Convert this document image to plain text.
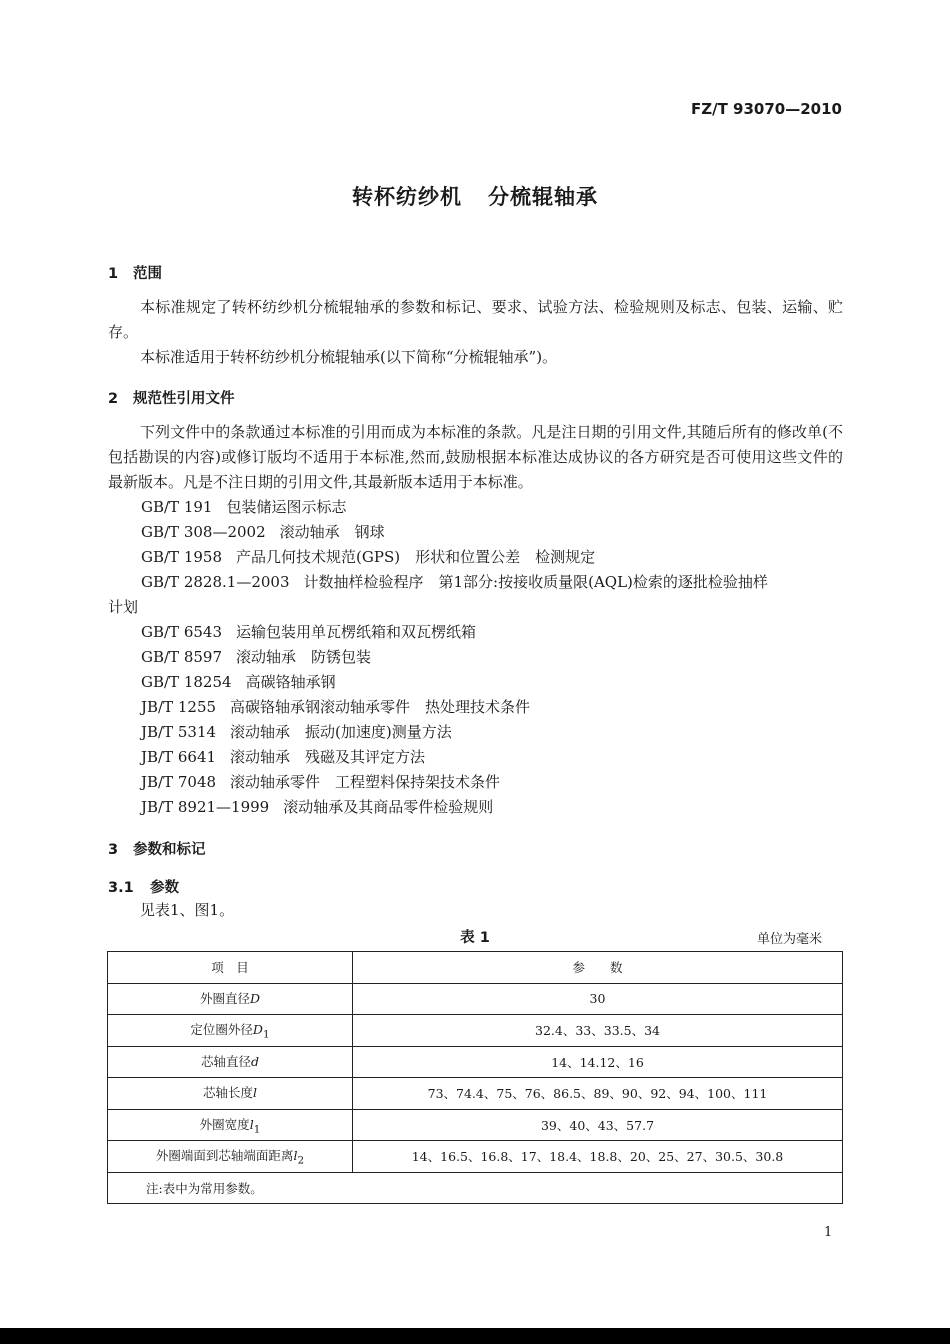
FZ/T 93070—2010
转杯纺纱机 分梳辊轴承
1 范围
本标准规定了转杯纺纱机分梳辊轴承的参数和标记、要求、试验方法、检验规则及标志、包装、运输、贮存。
本标准适用于转杯纺纱机分梳辊轴承(以下简称“分梳辊轴承”)。
2 规范性引用文件
下列文件中的条款通过本标准的引用而成为本标准的条款。凡是注日期的引用文件,其随后所有的修改单(不包括勘误的内容)或修订版均不适用于本标准,然而,鼓励根据本标准达成协议的各方研究是否可使用这些文件的最新版本。凡是不注日期的引用文件,其最新版本适用于本标准。
GB/T 191 包装储运图示标志
GB/T 308—2002 滚动轴承　钢球
GB/T 1958 产品几何技术规范(GPS)　形状和位置公差　检测规定
GB/T 2828.1—2003 计数抽样检验程序　第1部分:按接收质量限(AQL)检索的逐批检验抽样
计划
GB/T 6543 运输包装用单瓦楞纸箱和双瓦楞纸箱
GB/T 8597 滚动轴承　防锈包装
GB/T 18254 高碳铬轴承钢
JB/T 1255 高碳铬轴承钢滚动轴承零件　热处理技术条件
JB/T 5314 滚动轴承　振动(加速度)测量方法
JB/T 6641 滚动轴承　残磁及其评定方法
JB/T 7048 滚动轴承零件　工程塑料保持架技术条件
JB/T 8921—1999 滚动轴承及其商品零件检验规则
3 参数和标记
3.1 参数
见表1、图1。
表 1	单位为毫米
项　目	参　　数
外圈直径D	30
定位圈外径$D_1$	32.4、33、33.5、34
芯轴直径d	14、14.12、16
芯轴长度l	73、74.4、75、76、86.5、89、90、92、94、100、111
外圈宽度$l_1$	39、40、43、57.7
外圈端面到芯轴端面距离$l_2$	14、16.5、16.8、17、18.4、18.8、20、25、27、30.5、30.8
注:表中为常用参数。	
1
